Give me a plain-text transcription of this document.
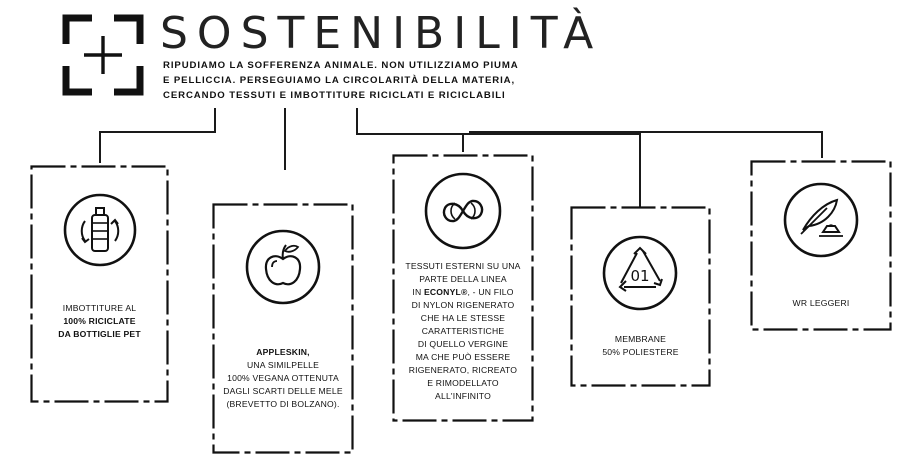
SOSTENIBILITÀ
RIPUDIAMO LA SOFFERENZA ANIMALE. NON UTILIZZIAMO PIUMA
E PELLICCIA. PERSEGUIAMO LA CIRCOLARITÀ DELLA MATERIA,
CERCANDO TESSUTI E IMBOTTITURE RICICLATI E RICICLABILI
IMBOTTITURE AL
100% RICICLATE
DA BOTTIGLIE PET
APPLESKIN,
UNA SIMILPELLE
100% VEGANA OTTENUTA
DAGLI SCARTI DELLE MELE
(BREVETTO DI BOLZANO).
TESSUTI ESTERNI SU UNA
PARTE DELLA LINEA
IN ECONYL®, - UN FILO
DI NYLON RIGENERATO
CHE HA LE STESSE
CARATTERISTICHE
DI QUELLO VERGINE
MA CHE PUÒ ESSERE
RIGENERATO, RICREATO
E RIMODELLATO
ALL'INFINITO
01
MEMBRANE
50% POLIESTERE
WR LEGGERI
